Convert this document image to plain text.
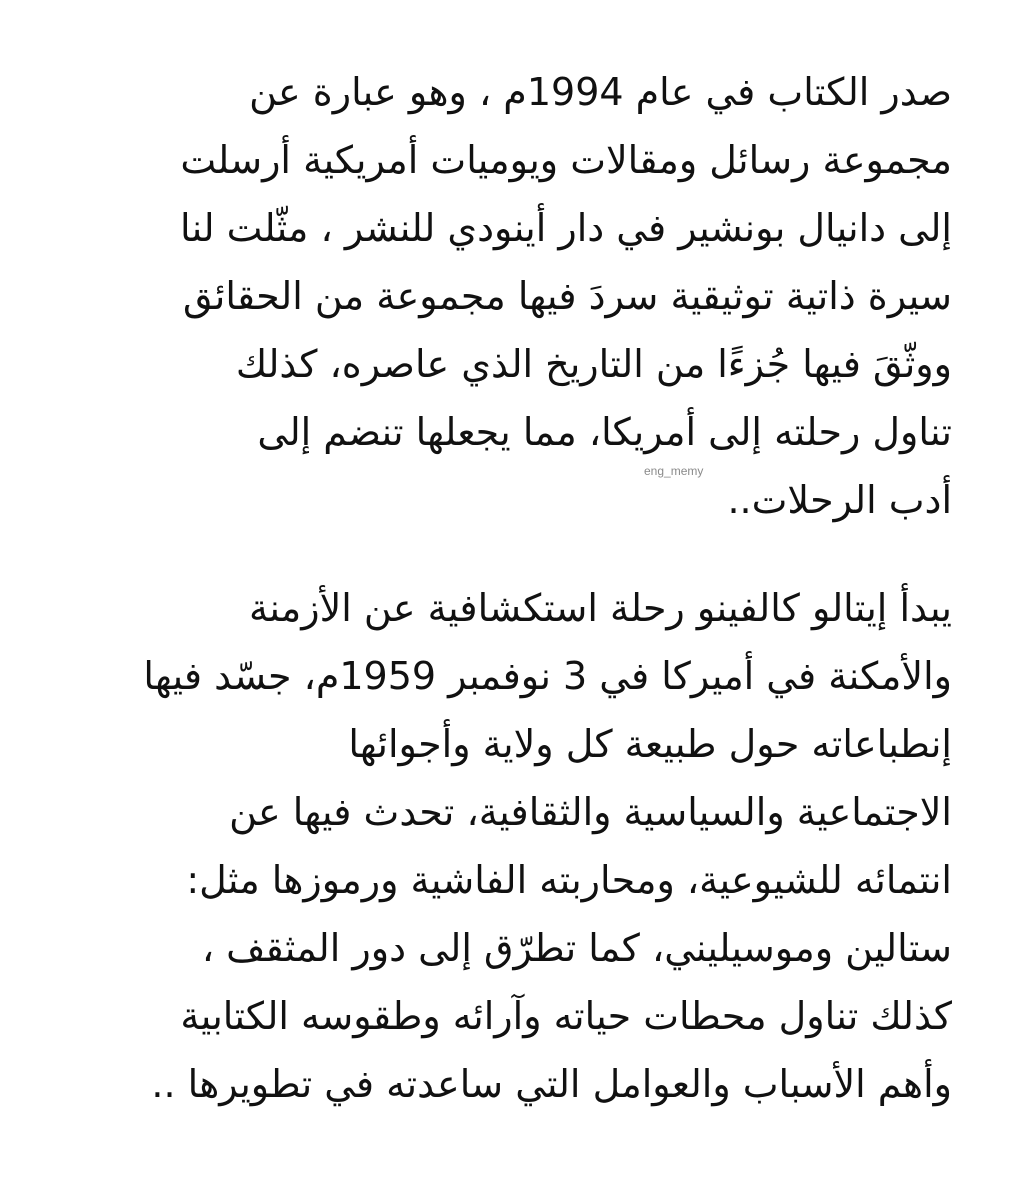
صدر الكتاب في عام 1994م ، وهو عبارة عن
مجموعة رسائل ومقالات ويوميات أمريكية أرسلت
إلى دانيال بونشير في دار أينودي للنشر ، مثّلت لنا
سيرة ذاتية توثيقية سردَ فيها مجموعة من الحقائق
ووثّقَ فيها جُزءًا من التاريخ الذي عاصره، كذلك
تناول رحلته إلى أمريكا، مما يجعلها تنضم إلى
أدب الرحلات..
eng_memy
يبدأ إيتالو كالفينو رحلة استكشافية عن الأزمنة
والأمكنة في أميركا في 3 نوفمبر 1959م، جسّد فيها
إنطباعاته حول طبيعة كل ولاية وأجوائها
الاجتماعية والسياسية والثقافية، تحدث فيها عن
انتمائه للشيوعية، ومحاربته الفاشية ورموزها مثل:
ستالين وموسيليني، كما تطرّق إلى دور المثقف ،
كذلك تناول محطات حياته وآرائه وطقوسه الكتابية
وأهم الأسباب والعوامل التي ساعدته في تطويرها ..
